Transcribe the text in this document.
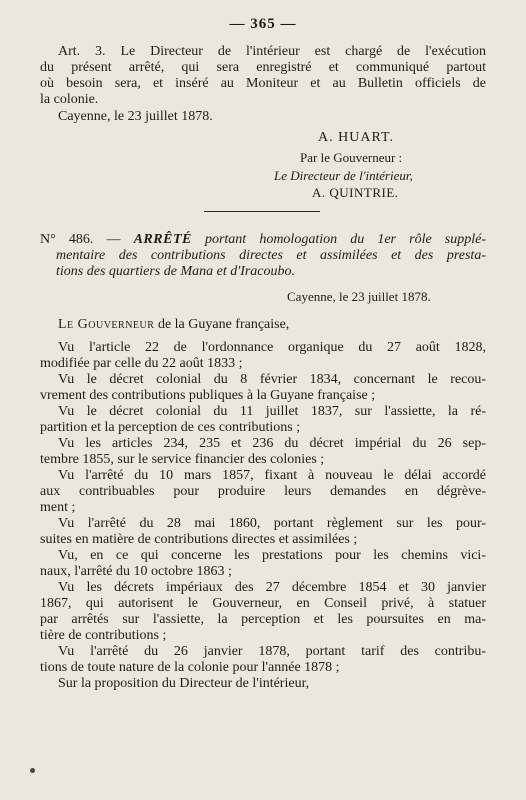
— 365 —
Art. 3. Le Directeur de l'intérieur est chargé de l'exécution
du présent arrêté, qui sera enregistré et communiqué partout
où besoin sera, et inséré au Moniteur et au Bulletin officiels de
la colonie.
Cayenne, le 23 juillet 1878.
A. HUART.
Par le Gouverneur :
Le Directeur de l'intérieur,
A. QUINTRIE.
N° 486. — ARRÊTÉ portant homologation du 1er rôle supplé-
mentaire des contributions directes et assimilées et des presta-
tions des quartiers de Mana et d'Iracoubo.
Cayenne, le 23 juillet 1878.
Le Gouverneur de la Guyane française,
Vu l'article 22 de l'ordonnance organique du 27 août 1828,
modifiée par celle du 22 août 1833 ;
Vu le décret colonial du 8 février 1834, concernant le recou-
vrement des contributions publiques à la Guyane française ;
Vu le décret colonial du 11 juillet 1837, sur l'assiette, la ré-
partition et la perception de ces contributions ;
Vu les articles 234, 235 et 236 du décret impérial du 26 sep-
tembre 1855, sur le service financier des colonies ;
Vu l'arrêté du 10 mars 1857, fixant à nouveau le délai accordé
aux contribuables pour produire leurs demandes en dégrève-
ment ;
Vu l'arrêté du 28 mai 1860, portant règlement sur les pour-
suites en matière de contributions directes et assimilées ;
Vu, en ce qui concerne les prestations pour les chemins vici-
naux, l'arrêté du 10 octobre 1863 ;
Vu les décrets impériaux des 27 décembre 1854 et 30 janvier
1867, qui autorisent le Gouverneur, en Conseil privé, à statuer
par arrêtés sur l'assiette, la perception et les poursuites en ma-
tière de contributions ;
Vu l'arrêté du 26 janvier 1878, portant tarif des contribu-
tions de toute nature de la colonie pour l'année 1878 ;
Sur la proposition du Directeur de l'intérieur,
